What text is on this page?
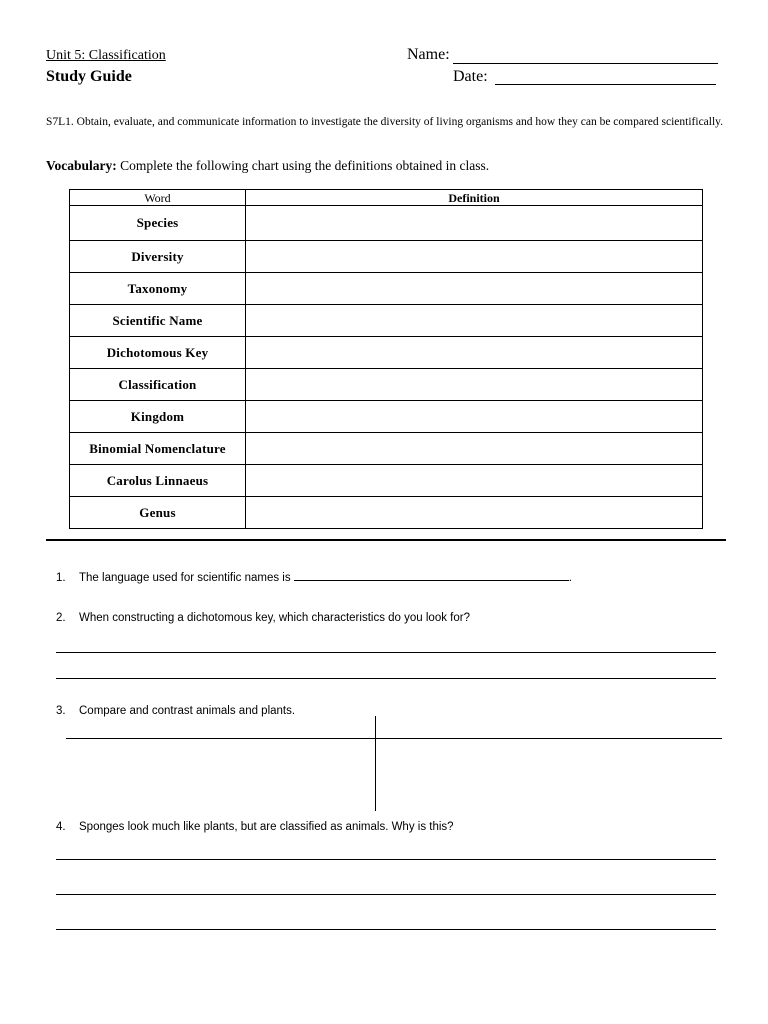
Unit 5: Classification
Study Guide
Name:
Date:
S7L1. Obtain, evaluate, and communicate information to investigate the diversity of living organisms and how they can be compared scientifically.
Vocabulary: Complete the following chart using the definitions obtained in class.
Word	Definition
Species	
Diversity	
Taxonomy	
Scientific Name	
Dichotomous Key	
Classification	
Kingdom	
Binomial Nomenclature	
Carolus Linnaeus	
Genus	
1. The language used for scientific names is	.
2. When constructing a dichotomous key, which characteristics do you look for?
3. Compare and contrast animals and plants.
4. Sponges look much like plants, but are classified as animals. Why is this?
